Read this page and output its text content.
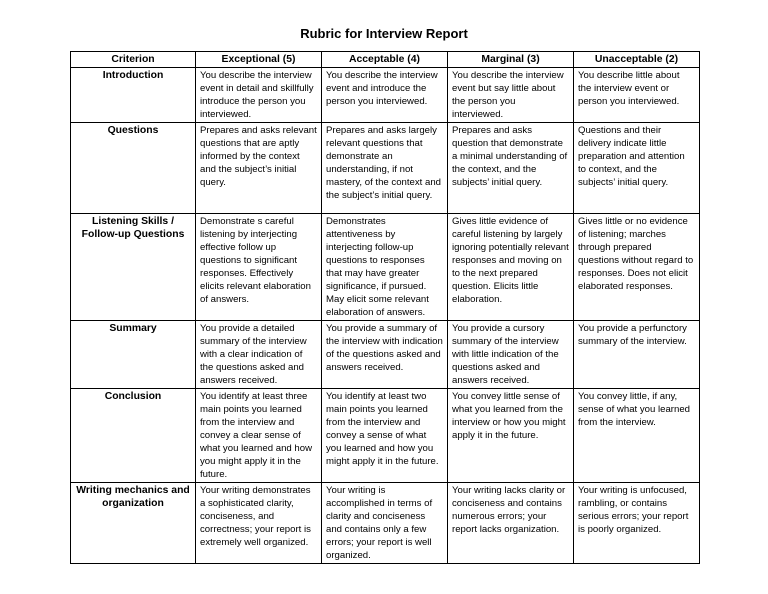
Rubric for Interview Report
Criterion	Exceptional (5)	Acceptable (4)	Marginal (3)	Unacceptable (2)
Introduction	You describe the interview event in detail and skillfully introduce the person you interviewed.	You describe the interview event and introduce the person you interviewed.	You describe the interview event but say little about the person you interviewed.	You describe little about the interview event or person you interviewed.
Questions	Prepares and asks relevant questions that are aptly informed by the context and the subject’s initial query.	Prepares and asks largely relevant questions that demonstrate an understanding, if not mastery, of the context and the subject’s initial query.	Prepares and asks question that demonstrate a minimal understanding of the context, and the subjects’ initial query.	Questions and their delivery indicate little preparation and attention to context, and the subjects’ initial query.
Listening Skills / Follow-up Questions	Demonstrate s careful listening by interjecting effective follow up questions to significant responses. Effectively elicits relevant elaboration of answers.	Demonstrates attentiveness by interjecting follow-up questions to responses that may have greater significance, if pursued. May elicit some relevant elaboration of answers.	Gives little evidence of careful listening by largely ignoring potentially relevant responses and moving on to the next prepared question. Elicits little elaboration.	Gives little or no evidence of listening; marches through prepared questions without regard to responses. Does not elicit elaborated responses.
Summary	You provide a detailed summary of the interview with a clear indication of the questions asked and answers received.	You provide a summary of the interview with indication of the questions asked and answers received.	You provide a cursory summary of the interview with little indication of the questions asked and answers received.	You provide a perfunctory summary of the interview.
Conclusion	You identify at least three main points you learned from the interview and convey a clear sense of what you learned and how you might apply it in the future.	You identify at least two main points you learned from the interview and convey a sense of what you learned and how you might apply it in the future.	You convey little sense of what you learned from the interview or how you might apply it in the future.	You convey little, if any, sense of what you learned from the interview.
Writing mechanics and organization	Your writing demonstrates a sophisticated clarity, conciseness, and correctness; your report is extremely well organized.	Your writing is accomplished in terms of clarity and conciseness and contains only a few errors; your report is well organized.	Your writing lacks clarity or conciseness and contains numerous errors; your report lacks organization.	Your writing is unfocused, rambling, or contains serious errors; your report is poorly organized.
